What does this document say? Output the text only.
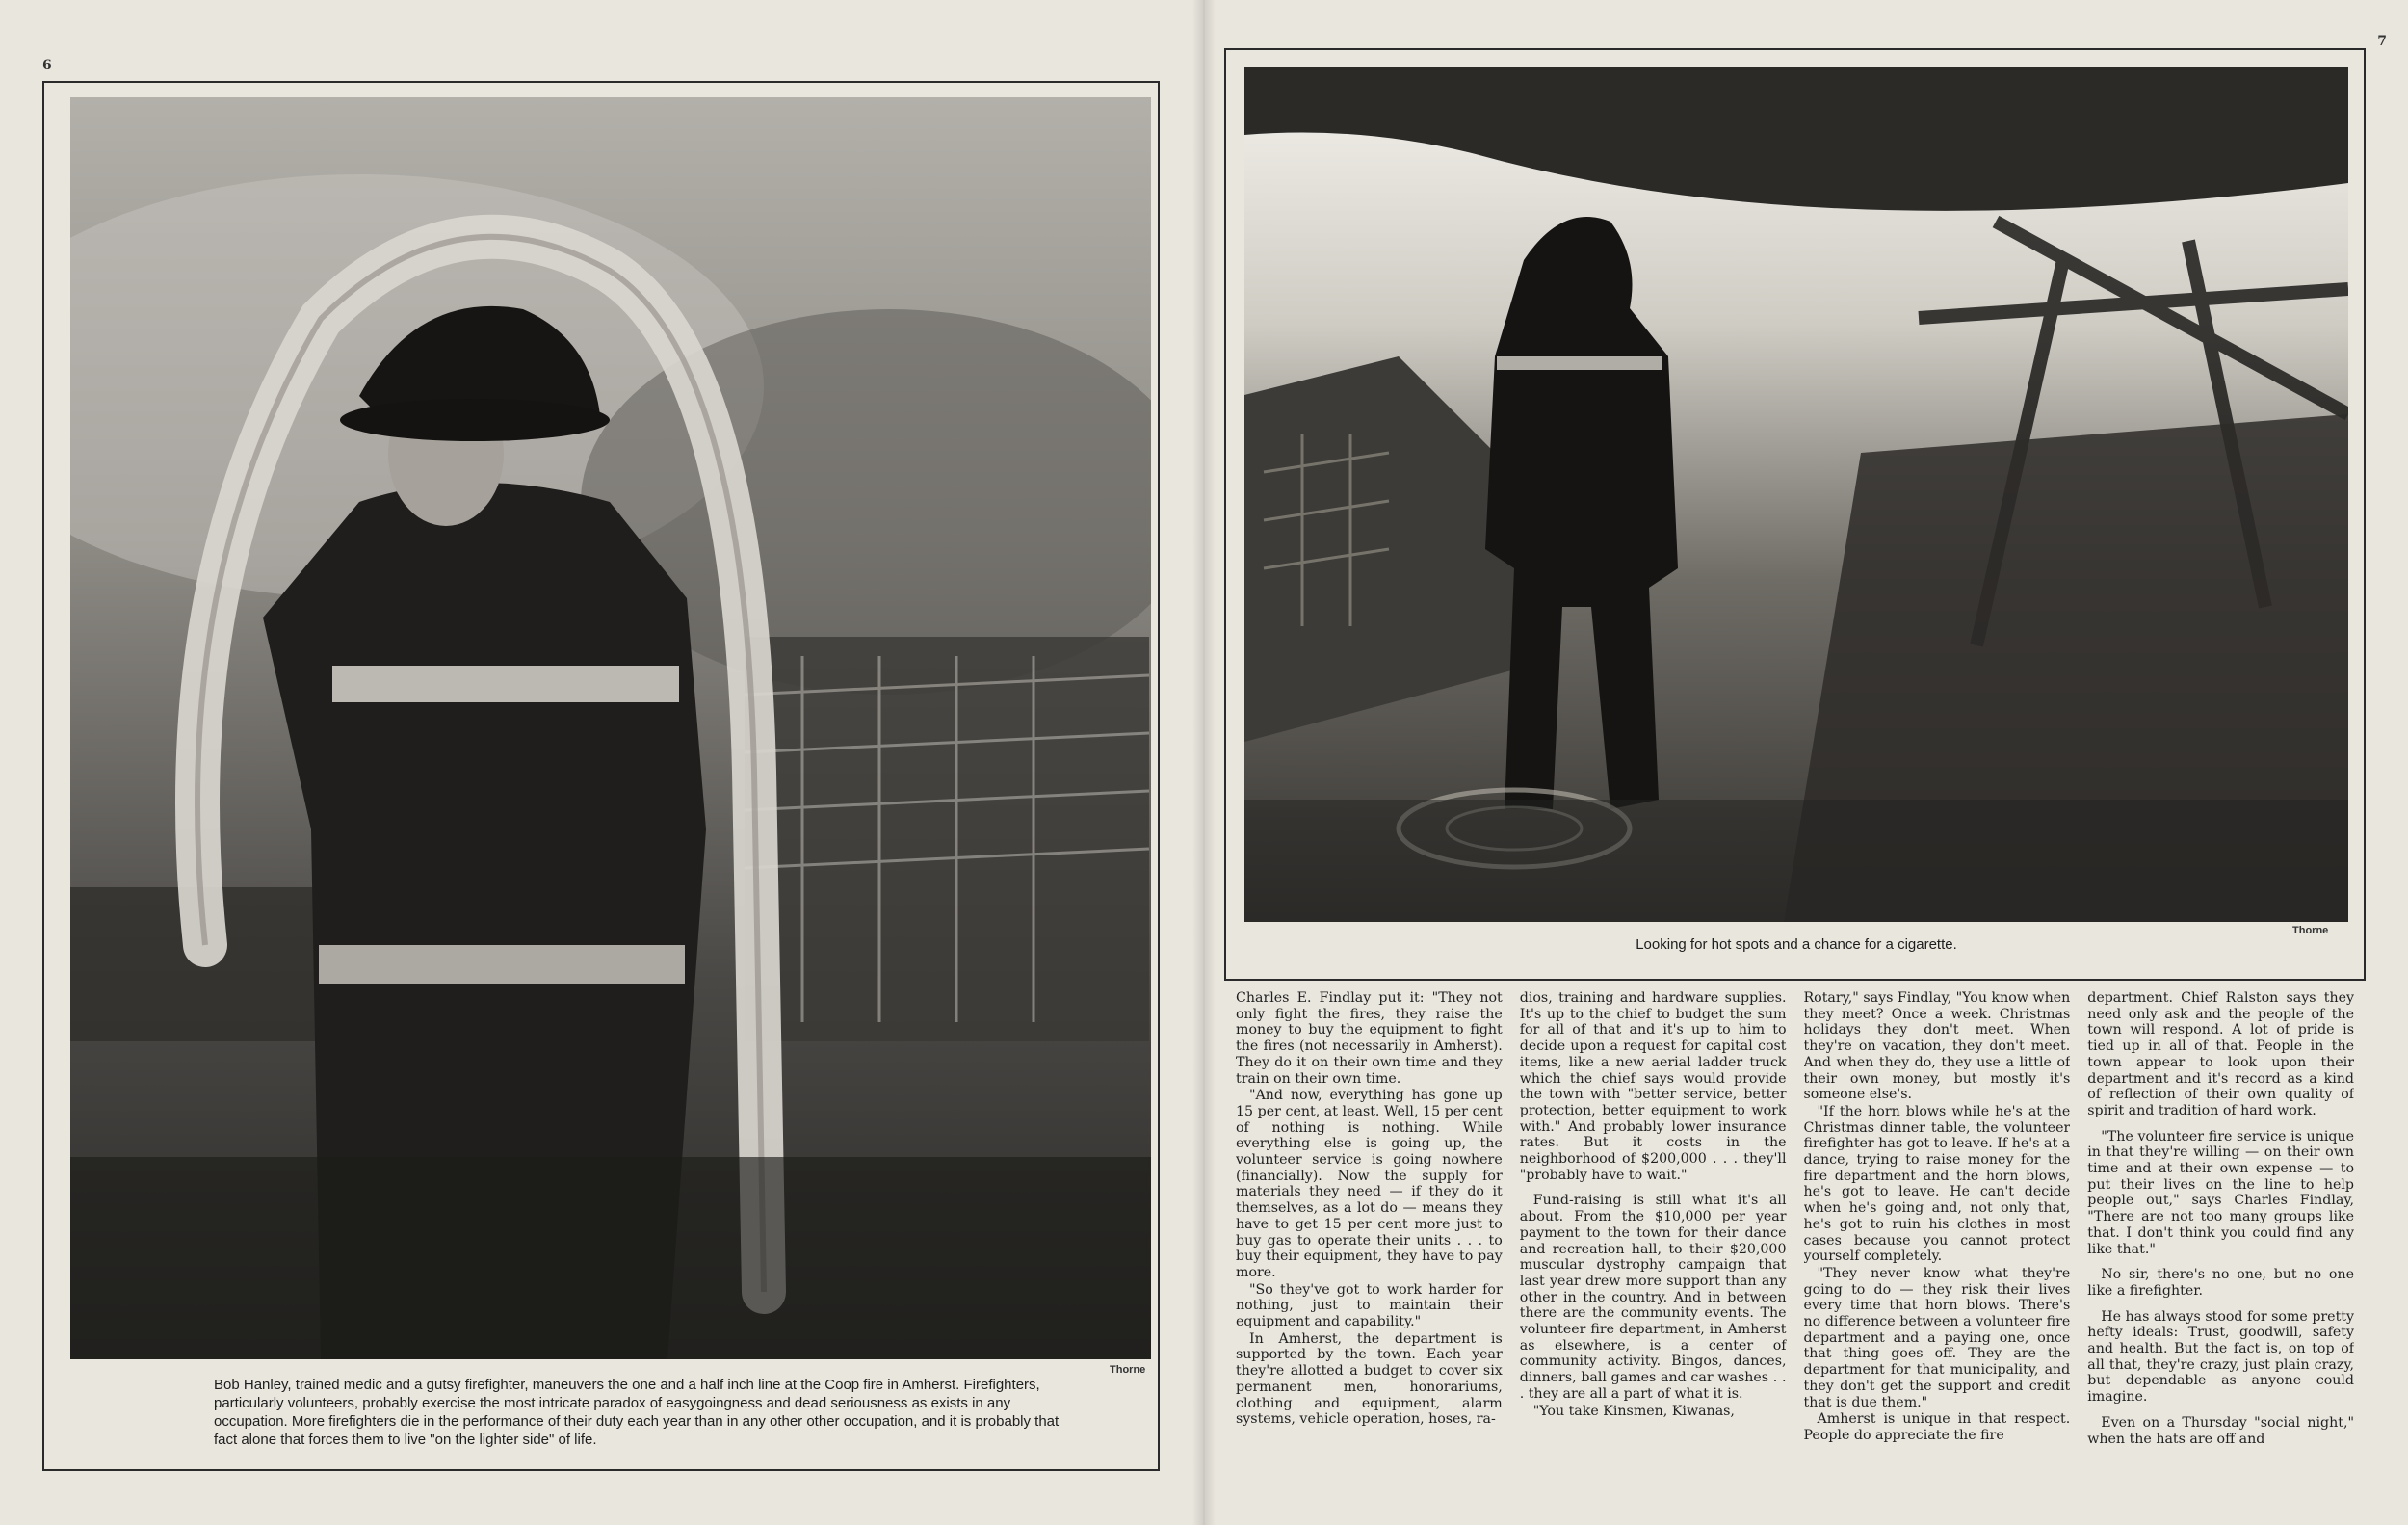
6
Thorne
Bob Hanley, trained medic and a gutsy firefighter, maneuvers the one and a half inch line at the Coop fire in Amherst. Firefighters, particularly volunteers, probably exercise the most intricate paradox of easygoingness and dead seriousness as exists in any occupation. More firefighters die in the performance of their duty each year than in any other other occupation, and it is probably that fact alone that forces them to live "on the lighter side" of life.
7
Thorne
Looking for hot spots and a chance for a cigarette.

Charles E. Findlay put it: "They not only fight the fires, they raise the money to buy the equipment to fight the fires (not necessarily in Amherst). They do it on their own time and they train on their own time.

"And now, everything has gone up 15 per cent, at least. Well, 15 per cent of nothing is nothing. While everything else is going up, the volunteer service is going nowhere (financially). Now the supply for materials they need — if they do it themselves, as a lot do — means they have to get 15 per cent more just to buy gas to operate their units . . . to buy their equipment, they have to pay more.

"So they've got to work harder for nothing, just to maintain their equipment and capability."

In Amherst, the department is supported by the town. Each year they're allotted a budget to cover six permanent men, honorariums, clothing and equipment, alarm systems, vehicle operation, hoses, ra-

dios, training and hardware supplies. It's up to the chief to budget the sum for all of that and it's up to him to decide upon a request for capital cost items, like a new aerial ladder truck which the chief says would provide the town with "better service, better protection, better equipment to work with." And probably lower insurance rates. But it costs in the neighborhood of $200,000 . . . they'll "probably have to wait."

Fund-raising is still what it's all about. From the $10,000 per year payment to the town for their dance and recreation hall, to their $20,000 muscular dystrophy campaign that last year drew more support than any other in the country. And in between there are the community events. The volunteer fire department, in Amherst as elsewhere, is a center of community activity. Bingos, dances, dinners, ball games and car washes . . . they are all a part of what it is.

"You take Kinsmen, Kiwanas,

Rotary," says Findlay, "You know when they meet? Once a week. Christmas holidays they don't meet. When they're on vacation, they don't meet. And when they do, they use a little of their own money, but mostly it's someone else's.

"If the horn blows while he's at the Christmas dinner table, the volunteer firefighter has got to leave. If he's at a dance, trying to raise money for the fire department and the horn blows, he's got to leave. He can't decide when he's going and, not only that, he's got to ruin his clothes in most cases because you cannot protect yourself completely.

"They never know what they're going to do — they risk their lives every time that horn blows. There's no difference between a volunteer fire department and a paying one, once that thing goes off. They are the department for that municipality, and they don't get the support and credit that is due them."

Amherst is unique in that respect. People do appreciate the fire

department. Chief Ralston says they need only ask and the people of the town will respond. A lot of pride is tied up in all of that. People in the town appear to look upon their department and it's record as a kind of reflection of their own quality of spirit and tradition of hard work.

"The volunteer fire service is unique in that they're willing — on their own time and at their own expense — to put their lives on the line to help people out," says Charles Findlay, "There are not too many groups like that. I don't think you could find any like that."

No sir, there's no one, but no one like a firefighter.

He has always stood for some pretty hefty ideals: Trust, goodwill, safety and health. But the fact is, on top of all that, they're crazy, just plain crazy, but dependable as anyone could imagine.

Even on a Thursday "social night," when the hats are off and
